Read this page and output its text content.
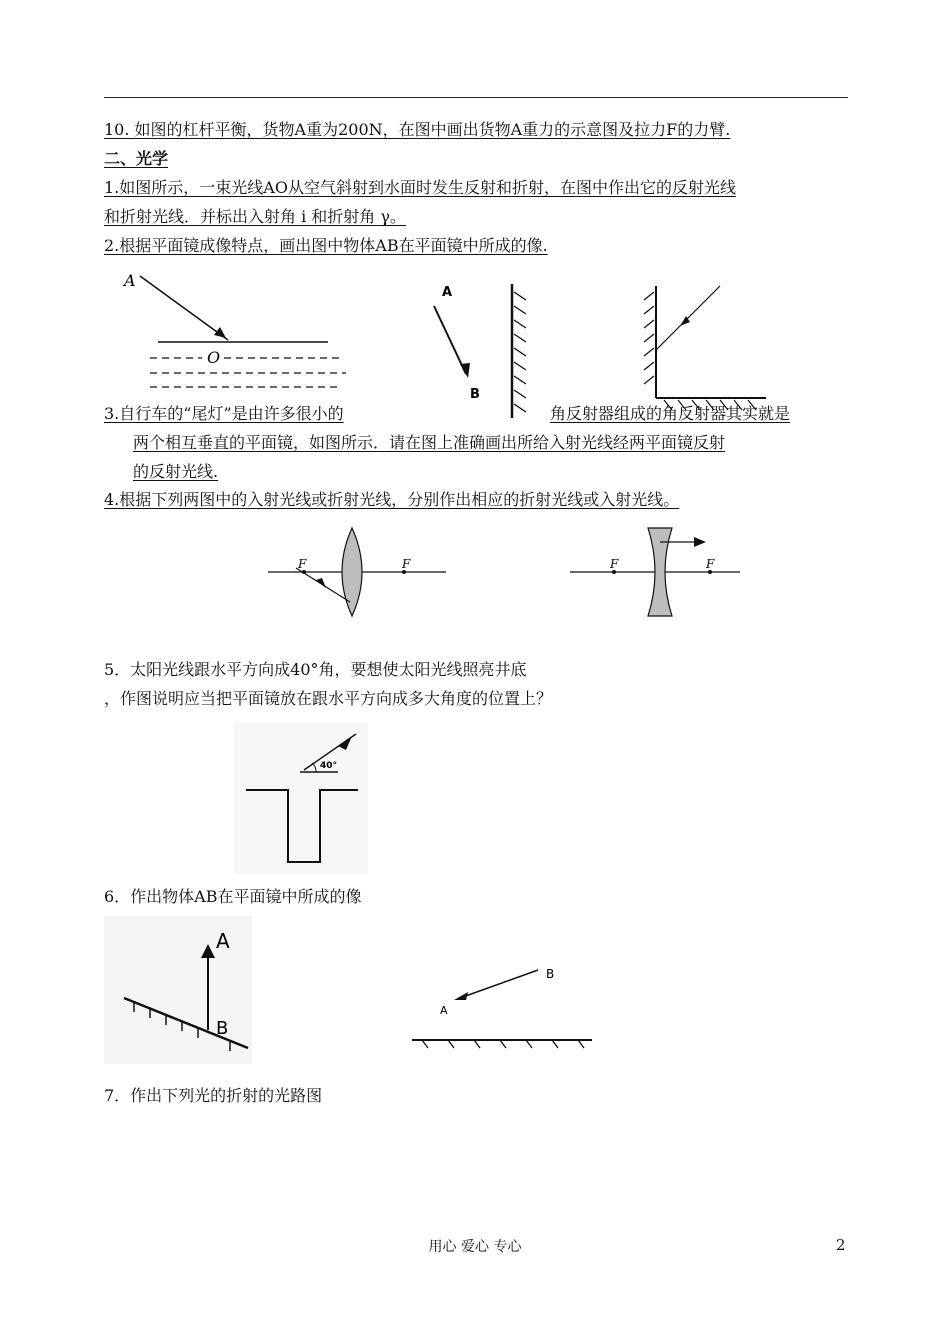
10. 如图的杠杆平衡，货物A重为200N，在图中画出货物A重力的示意图及拉力F的力臂.
二、光学
1.如图所示，一束光线AO从空气斜射到水面时发生反射和折射，在图中作出它的反射光线
和折射光线．并标出入射角 i 和折射角 γ。
2.根据平面镜成像特点，画出图中物体AB在平面镜中所成的像.
A
O
A
B
3.自行车的“尾灯”是由许多很小的	角反射器组成的角反射器其实就是
两个相互垂直的平面镜，如图所示．请在图上准确画出所给入射光线经两平面镜反射
的反射光线.
4.根据下列两图中的入射光线或折射光线，分别作出相应的折射光线或入射光线。
F	F	F	F
5．太阳光线跟水平方向成40°角，要想使太阳光线照亮井底
，作图说明应当把平面镜放在跟水平方向成多大角度的位置上？
40°
6．作出物体AB在平面镜中所成的像
A
B
B
A
7．作出下列光的折射的光路图
用心 爱心 专心	2
